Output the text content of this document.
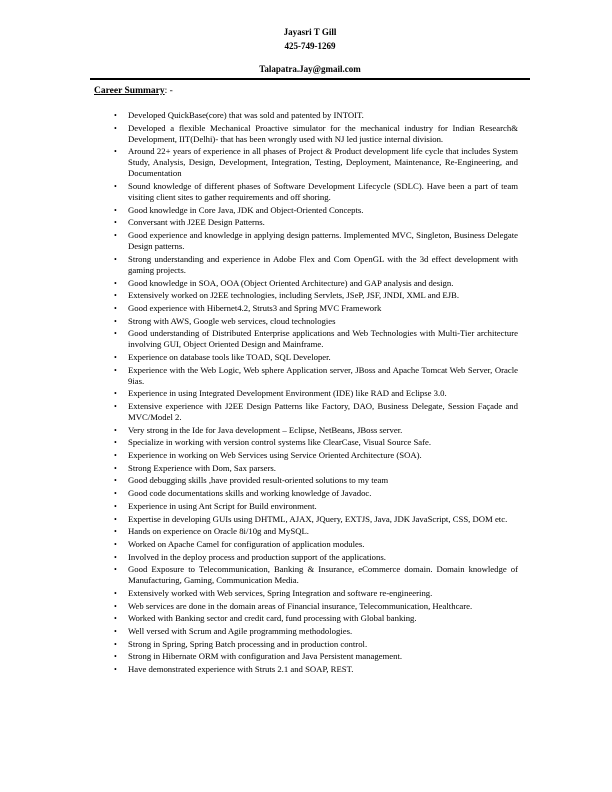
Jayasri T Gill
425-749-1269
Talapatra.Jay@gmail.com
Career Summary: -
• Developed QuickBase(core) that was sold and patented by INTOIT.
• Developed a flexible Mechanical Proactive simulator for the mechanical industry for Indian Research& Development, IIT(Delhi)- that has been wrongly used with NJ led justice internal division.
• Around 22+ years of experience in all phases of Project & Product development life cycle that includes System Study, Analysis, Design, Development, Integration, Testing, Deployment, Maintenance, Re-Engineering, and Documentation
• Sound knowledge of different phases of Software Development Lifecycle (SDLC). Have been a part of team visiting client sites to gather requirements and off shoring.
• Good knowledge in Core Java, JDK and Object-Oriented Concepts.
• Conversant with J2EE Design Patterns.
• Good experience and knowledge in applying design patterns. Implemented MVC, Singleton, Business Delegate Design patterns.
• Strong understanding and experience in Adobe Flex and Com OpenGL with the 3d effect development with gaming projects.
• Good knowledge in SOA, OOA (Object Oriented Architecture) and GAP analysis and design.
• Extensively worked on J2EE technologies, including Servlets, JSeP, JSF, JNDI, XML and EJB.
• Good experience with Hibernet4.2, Struts3 and Spring MVC Framework
• Strong with AWS, Google web services, cloud technologies
• Good understanding of Distributed Enterprise applications and Web Technologies with Multi-Tier architecture involving GUI, Object Oriented Design and Mainframe.
• Experience on database tools like TOAD, SQL Developer.
• Experience with the Web Logic, Web sphere Application server, JBoss and Apache Tomcat Web Server, Oracle 9ias.
• Experience in using Integrated Development Environment (IDE) like RAD and Eclipse 3.0.
• Extensive experience with J2EE Design Patterns like Factory, DAO, Business Delegate, Session Façade and MVC/Model 2.
• Very strong in the Ide for Java development – Eclipse, NetBeans, JBoss server.
• Specialize in working with version control systems like ClearCase, Visual Source Safe.
• Experience in working on Web Services using Service Oriented Architecture (SOA).
• Strong Experience with Dom, Sax parsers.
• Good debugging skills ,have provided result-oriented solutions to my team
• Good code documentations skills and working knowledge of Javadoc.
• Experience in using Ant Script for Build environment.
• Expertise in developing GUIs using DHTML, AJAX, JQuery, EXTJS, Java, JDK JavaScript, CSS, DOM etc.
• Hands on experience on Oracle 8i/10g and MySQL.
• Worked on Apache Camel for configuration of application modules.
• Involved in the deploy process and production support of the applications.
• Good Exposure to Telecommunication, Banking & Insurance, eCommerce domain. Domain knowledge of Manufacturing, Gaming, Communication Media.
• Extensively worked with Web services, Spring Integration and software re-engineering.
• Web services are done in the domain areas of Financial insurance, Telecommunication, Healthcare.
• Worked with Banking sector and credit card, fund processing with Global banking.
• Well versed with Scrum and Agile programming methodologies.
• Strong in Spring, Spring Batch processing and in production control.
• Strong in Hibernate ORM with configuration and Java Persistent management.
• Have demonstrated experience with Struts 2.1 and SOAP, REST.
